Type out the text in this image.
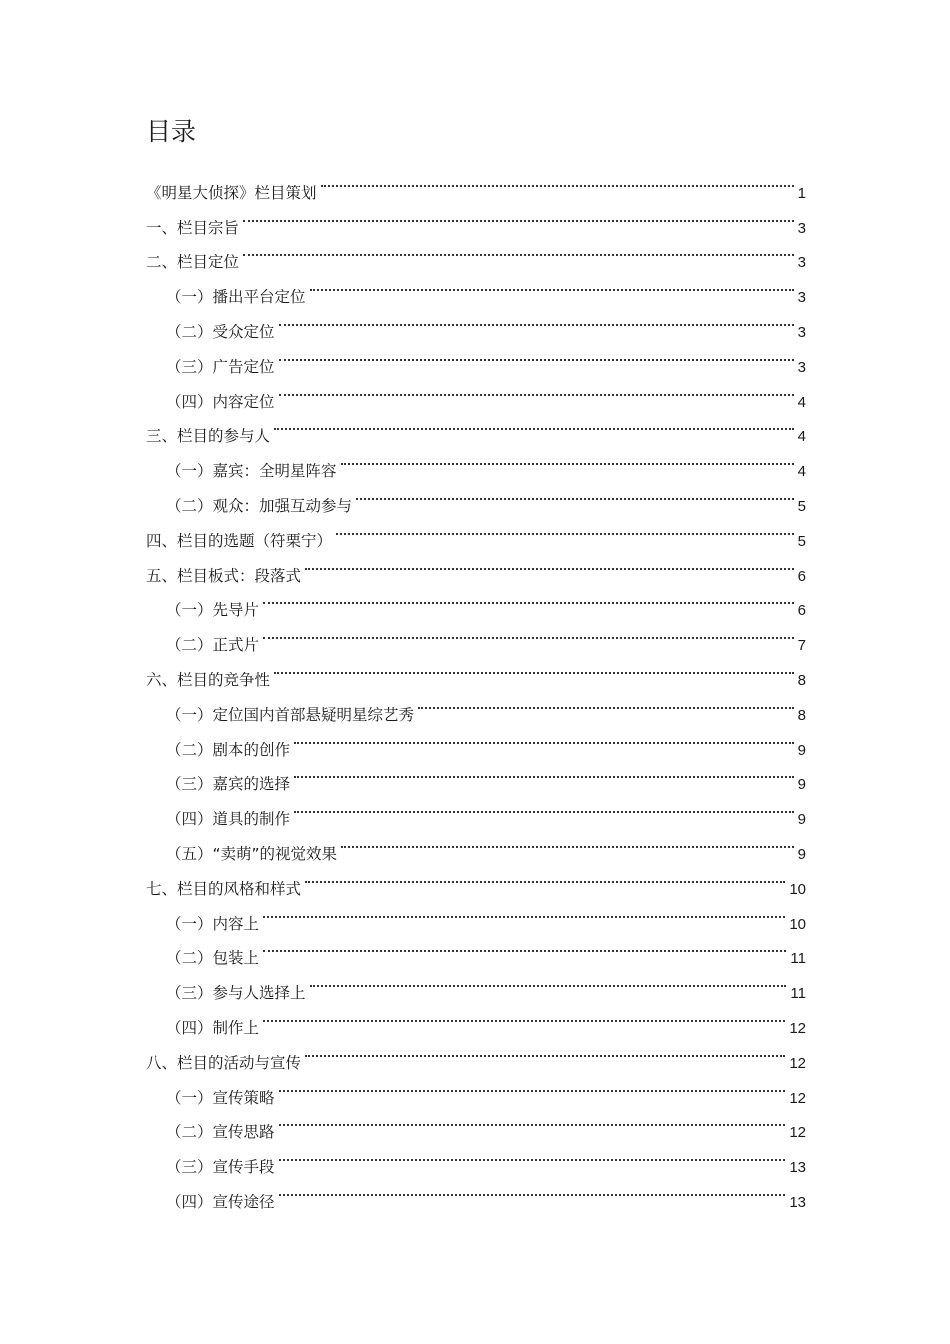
目录
《明星大侦探》栏目策划	1
一、栏目宗旨	3
二、栏目定位	3
（一）播出平台定位	3
（二）受众定位	3
（三）广告定位	3
（四）内容定位	4
三、栏目的参与人	4
（一）嘉宾：全明星阵容	4
（二）观众：加强互动参与	5
四、栏目的选题（符栗宁）	5
五、栏目板式：段落式	6
（一）先导片	6
（二）正式片	7
六、栏目的竞争性	8
（一）定位国内首部悬疑明星综艺秀	8
（二）剧本的创作	9
（三）嘉宾的选择	9
（四）道具的制作	9
（五）“卖萌”的视觉效果	9
七、栏目的风格和样式	10
（一）内容上	10
（二）包装上	11
（三）参与人选择上	11
（四）制作上	12
八、栏目的活动与宣传	12
（一）宣传策略	12
（二）宣传思路	12
（三）宣传手段	13
（四）宣传途径	13
